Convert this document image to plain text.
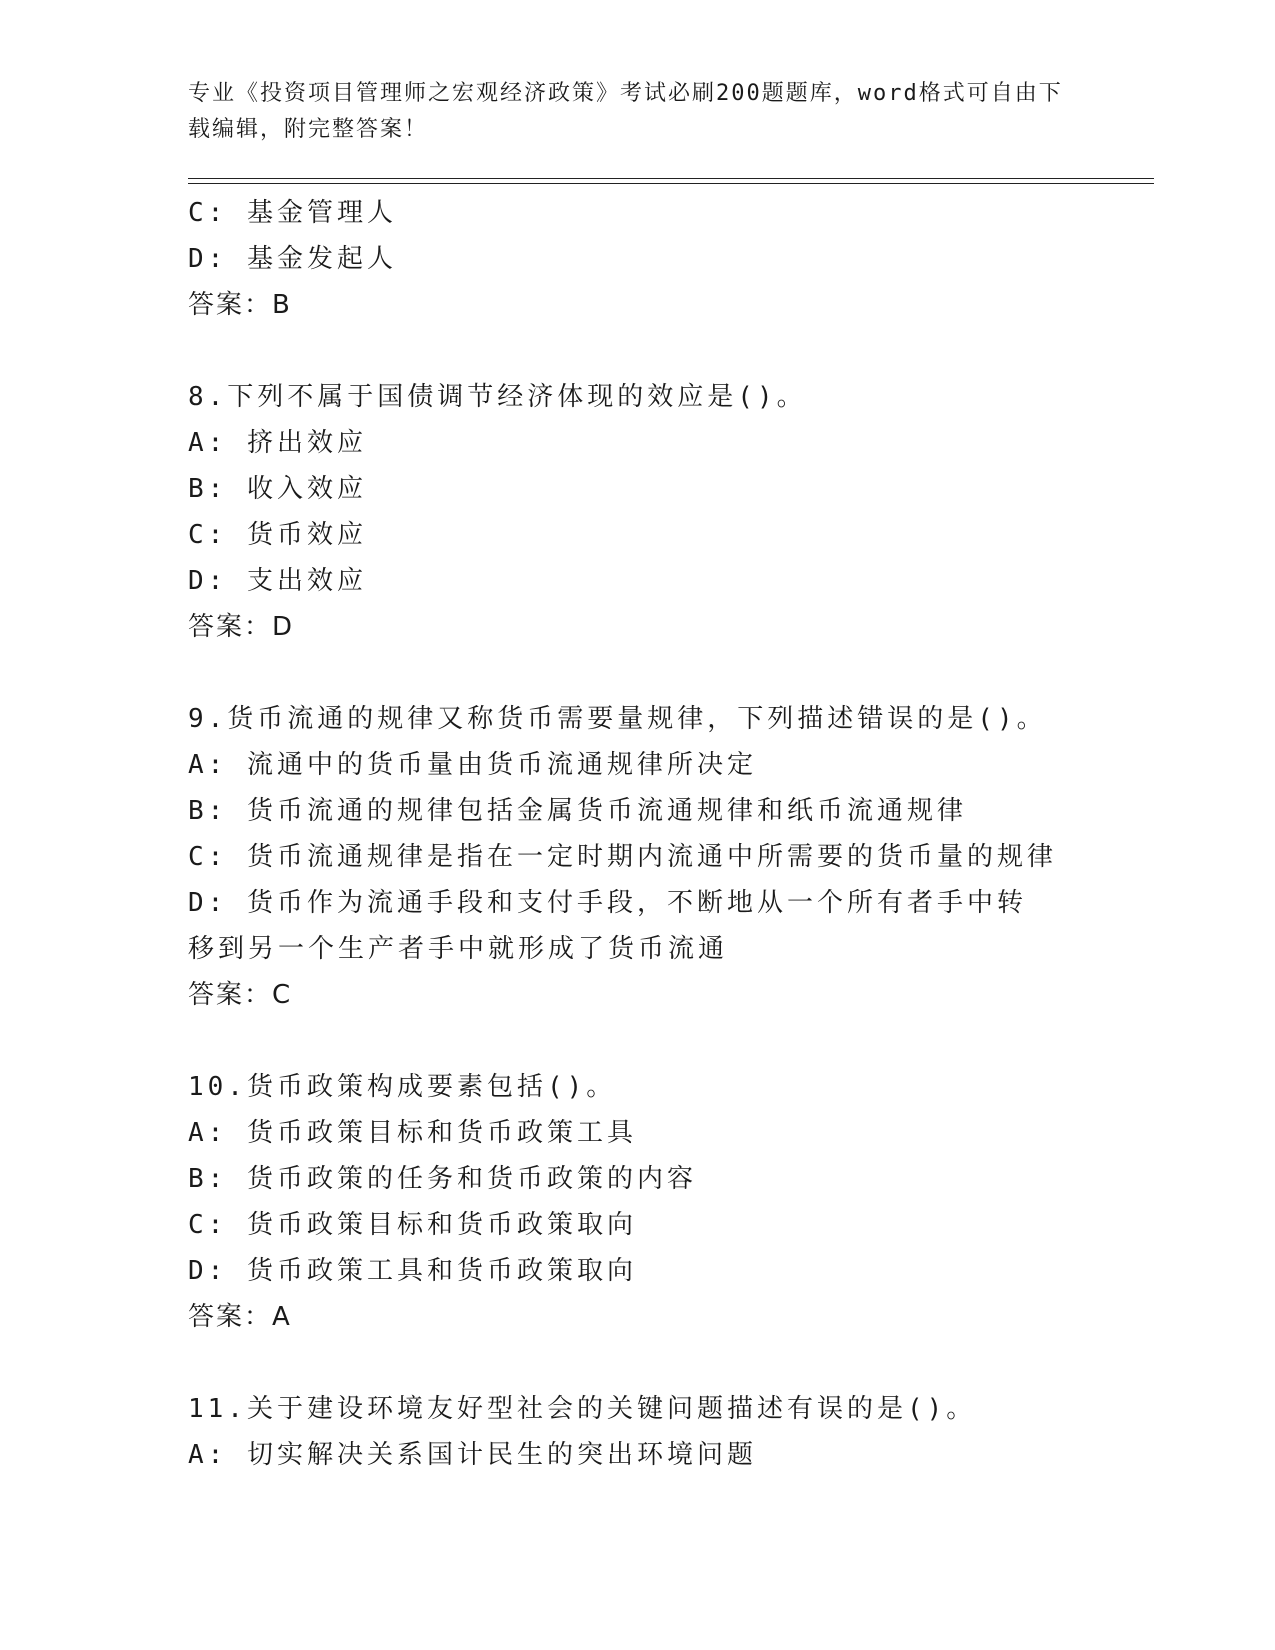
专业《投资项目管理师之宏观经济政策》考试必刷200题题库，word格式可自由下载编辑，附完整答案！
C: 基金管理人
D: 基金发起人
答案：B
8.下列不属于国债调节经济体现的效应是()。
A: 挤出效应
B: 收入效应
C: 货币效应
D: 支出效应
答案：D
9.货币流通的规律又称货币需要量规律，下列描述错误的是()。
A: 流通中的货币量由货币流通规律所决定
B: 货币流通的规律包括金属货币流通规律和纸币流通规律
C: 货币流通规律是指在一定时期内流通中所需要的货币量的规律
D: 货币作为流通手段和支付手段，不断地从一个所有者手中转移到另一个生产者手中就形成了货币流通
答案：C
10.货币政策构成要素包括()。
A: 货币政策目标和货币政策工具
B: 货币政策的任务和货币政策的内容
C: 货币政策目标和货币政策取向
D: 货币政策工具和货币政策取向
答案：A
11.关于建设环境友好型社会的关键问题描述有误的是()。
A: 切实解决关系国计民生的突出环境问题
